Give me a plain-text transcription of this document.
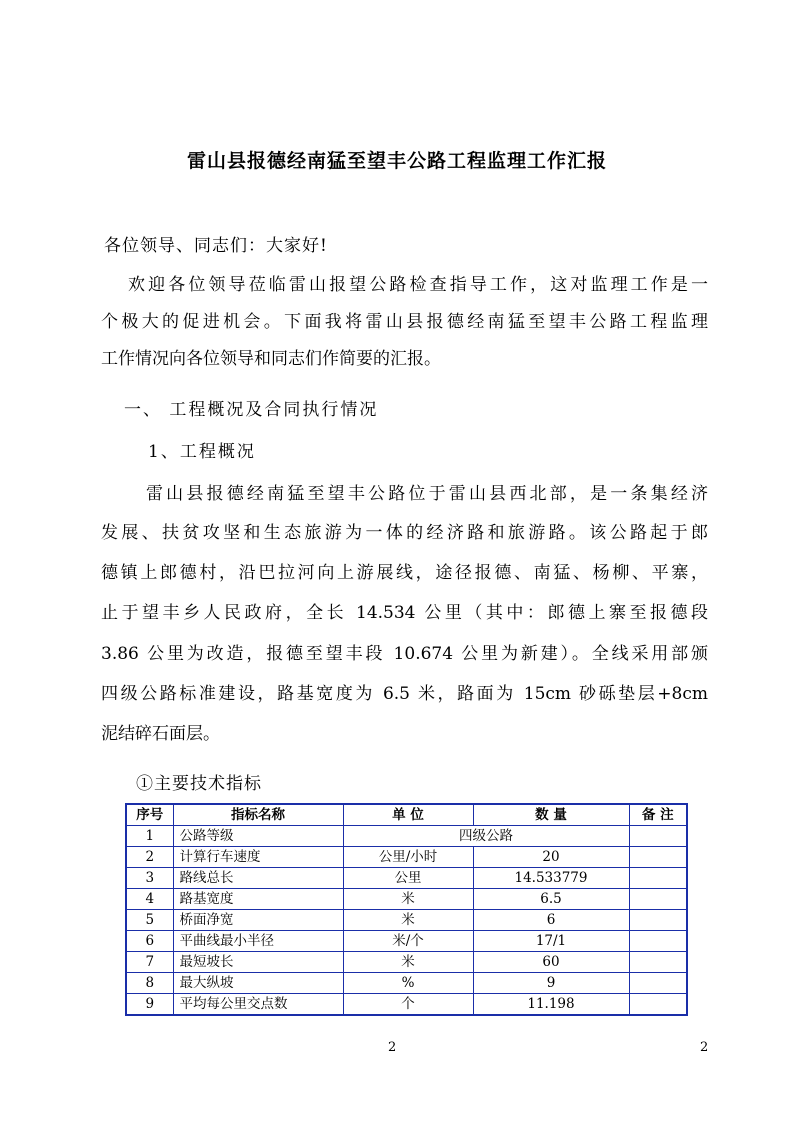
雷山县报德经南猛至望丰公路工程监理工作汇报
各位领导、同志们：大家好!
欢迎各位领导莅临雷山报望公路检查指导工作，这对监理工作是一
个极大的促进机会。下面我将雷山县报德经南猛至望丰公路工程监理
工作情况向各位领导和同志们作简要的汇报。
一、 工程概况及合同执行情况
1、工程概况
雷山县报德经南猛至望丰公路位于雷山县西北部，是一条集经济
发展、扶贫攻坚和生态旅游为一体的经济路和旅游路。该公路起于郎
德镇上郎德村，沿巴拉河向上游展线，途径报德、南猛、杨柳、平寨，
止于望丰乡人民政府，全长 14.534 公里（其中：郎德上寨至报德段
3.86 公里为改造，报德至望丰段 10.674 公里为新建）。全线采用部颁
四级公路标准建设，路基宽度为 6.5 米，路面为 15cm 砂砾垫层+8cm
泥结碎石面层。
①主要技术指标
序号	指标名称	单 位	数 量	备 注
1	公路等级	四级公路		
2	计算行车速度	公里/小时	20	
3	路线总长	公里	14.533779	
4	路基宽度	米	6.5	
5	桥面净宽	米	6	
6	平曲线最小半径	米/个	17/1	
7	最短坡长	米	60	
8	最大纵坡	%	9	
9	平均每公里交点数	个	11.198	
2	2
